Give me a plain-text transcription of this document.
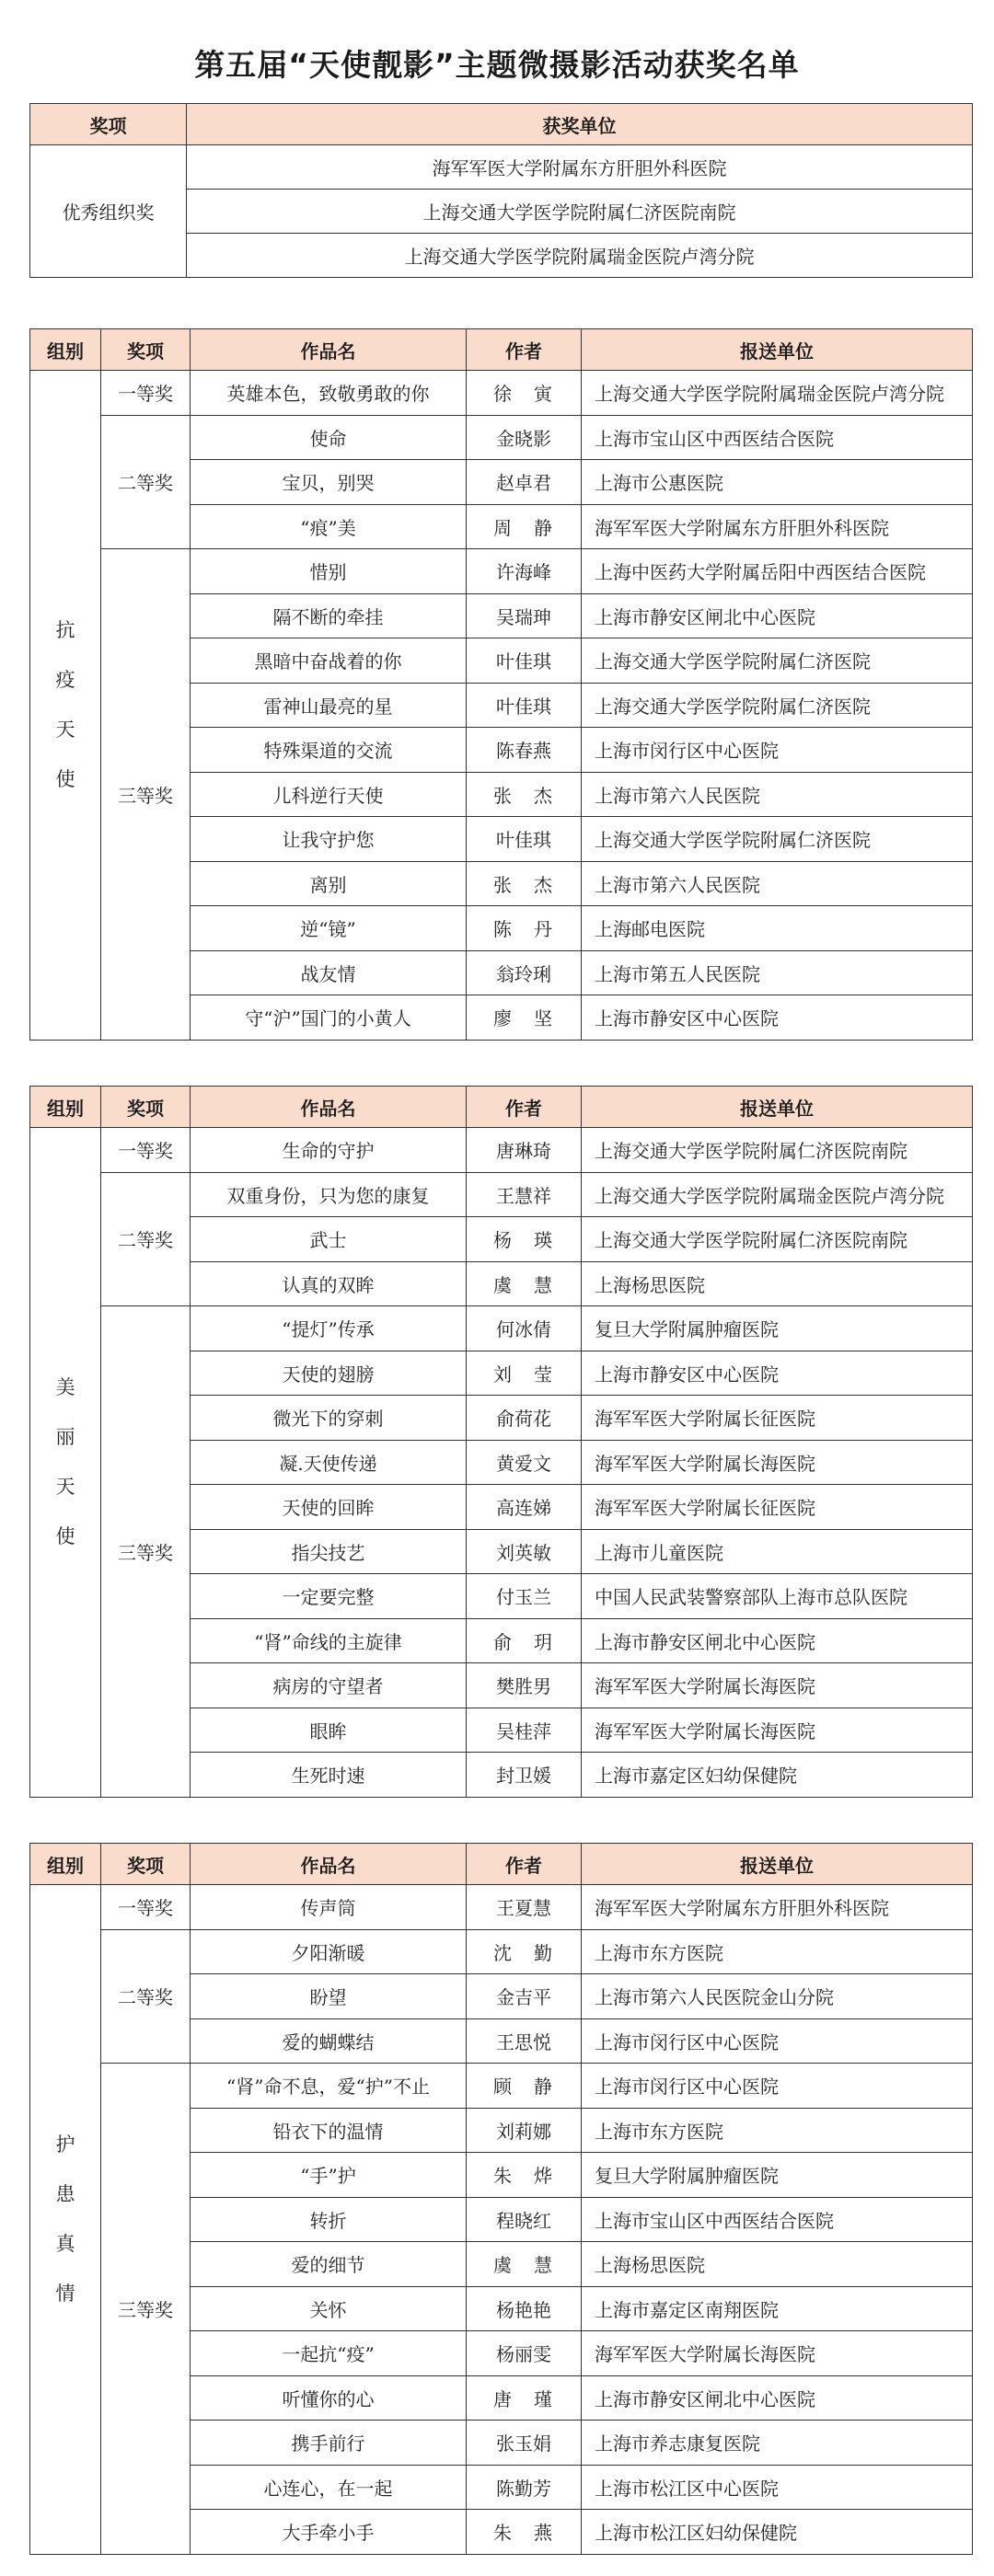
第五届“天使靓影”主题微摄影活动获奖名单
奖项	获奖单位
优秀组织奖	海军军医大学附属东方肝胆外科医院
	上海交通大学医学院附属仁济医院南院
	上海交通大学医学院附属瑞金医院卢湾分院
组别	奖项	作品名	作者	报送单位
抗疫天使	一等奖	英雄本色，致敬勇敢的你	徐寅	上海交通大学医学院附属瑞金医院卢湾分院
	二等奖	使命	金晓影	上海市宝山区中西医结合医院
		宝贝，别哭	赵卓君	上海市公惠医院
		“痕”美	周静	海军军医大学附属东方肝胆外科医院
	三等奖	惜别	许海峰	上海中医药大学附属岳阳中西医结合医院
		隔不断的牵挂	吴瑞珅	上海市静安区闸北中心医院
		黑暗中奋战着的你	叶佳琪	上海交通大学医学院附属仁济医院
		雷神山最亮的星	叶佳琪	上海交通大学医学院附属仁济医院
		特殊渠道的交流	陈春燕	上海市闵行区中心医院
		儿科逆行天使	张杰	上海市第六人民医院
		让我守护您	叶佳琪	上海交通大学医学院附属仁济医院
		离别	张杰	上海市第六人民医院
		逆“镜”	陈丹	上海邮电医院
		战友情	翁玲琍	上海市第五人民医院
		守“沪”国门的小黄人	廖坚	上海市静安区中心医院
组别	奖项	作品名	作者	报送单位
美丽天使	一等奖	生命的守护	唐琳琦	上海交通大学医学院附属仁济医院南院
	二等奖	双重身份，只为您的康复	王慧祥	上海交通大学医学院附属瑞金医院卢湾分院
		武士	杨瑛	上海交通大学医学院附属仁济医院南院
		认真的双眸	虞慧	上海杨思医院
	三等奖	“提灯”传承	何冰倩	复旦大学附属肿瘤医院
		天使的翅膀	刘莹	上海市静安区中心医院
		微光下的穿刺	俞荷花	海军军医大学附属长征医院
		凝.天使传递	黄爱文	海军军医大学附属长海医院
		天使的回眸	高连娣	海军军医大学附属长征医院
		指尖技艺	刘英敏	上海市儿童医院
		一定要完整	付玉兰	中国人民武装警察部队上海市总队医院
		“肾”命线的主旋律	俞玥	上海市静安区闸北中心医院
		病房的守望者	樊胜男	海军军医大学附属长海医院
		眼眸	吴桂萍	海军军医大学附属长海医院
		生死时速	封卫媛	上海市嘉定区妇幼保健院
组别	奖项	作品名	作者	报送单位
护患真情	一等奖	传声筒	王夏慧	海军军医大学附属东方肝胆外科医院
	二等奖	夕阳渐暖	沈勤	上海市东方医院
		盼望	金吉平	上海市第六人民医院金山分院
		爱的蝴蝶结	王思悦	上海市闵行区中心医院
	三等奖	“肾”命不息，爱“护”不止	顾静	上海市闵行区中心医院
		铅衣下的温情	刘莉娜	上海市东方医院
		“手”护	朱烨	复旦大学附属肿瘤医院
		转折	程晓红	上海市宝山区中西医结合医院
		爱的细节	虞慧	上海杨思医院
		关怀	杨艳艳	上海市嘉定区南翔医院
		一起抗“疫”	杨丽雯	海军军医大学附属长海医院
		听懂你的心	唐瑾	上海市静安区闸北中心医院
		携手前行	张玉娟	上海市养志康复医院
		心连心，在一起	陈勤芳	上海市松江区中心医院
		大手牵小手	朱燕	上海市松江区妇幼保健院
